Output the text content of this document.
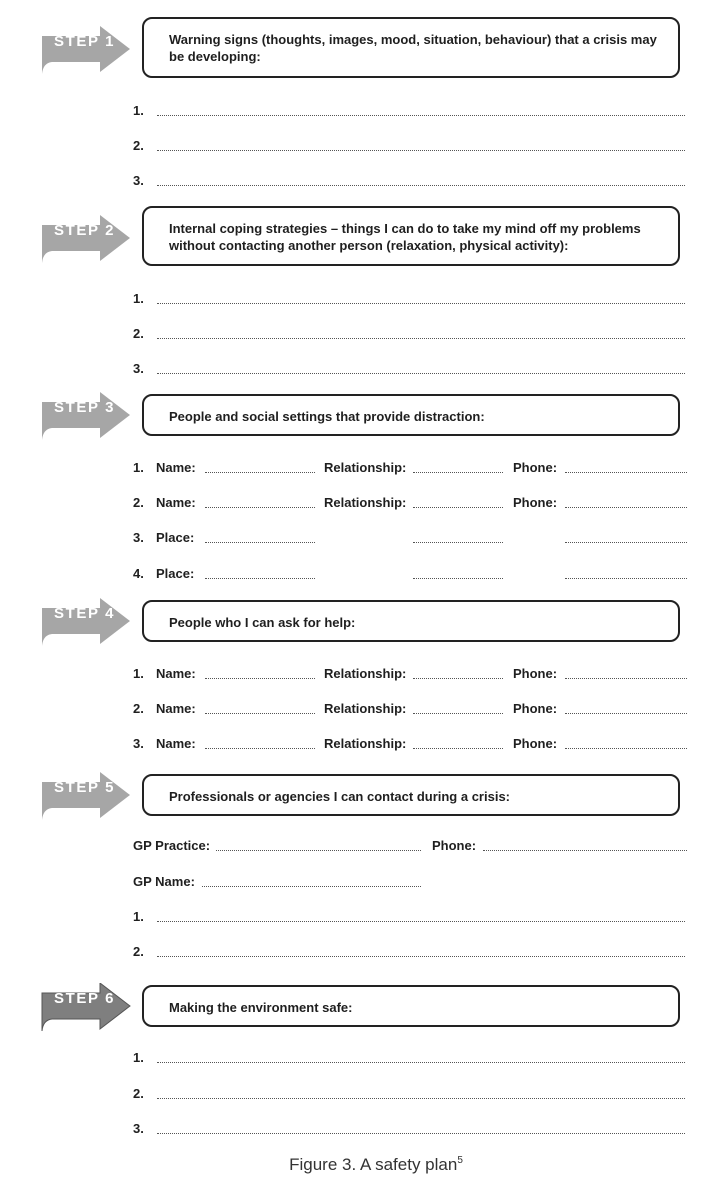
STEP 1	Warning signs (thoughts, images, mood, situation, behaviour) that a crisis may be developing:
1.
2.
3.
STEP 2	Internal coping strategies – things I can do to take my mind off my problems without contacting another person (relaxation, physical activity):
1.
2.
3.
STEP 3
People and social settings that provide distraction:
1. Name:	Relationship:	Phone:
2. Name:	Relationship:	Phone:
3. Place:
4. Place:
STEP 4
People who I can ask for help:
1. Name:	Relationship:	Phone:
2. Name:	Relationship:	Phone:
3. Name:	Relationship:	Phone:
STEP 5
Professionals or agencies I can contact during a crisis:
GP Practice:	Phone:
GP Name:
1.
2.
STEP 6
Making the environment safe:
1.
2.
3.
Figure 3. A safety plan$^5$
